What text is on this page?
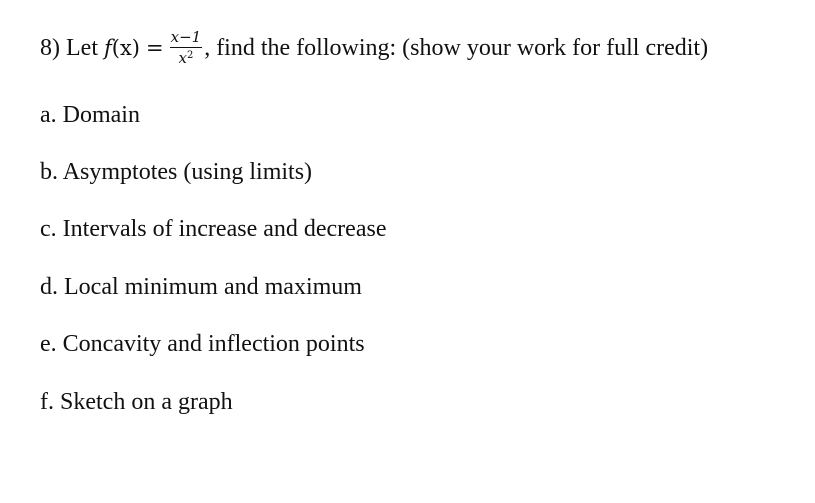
8) Let $f(x) = \frac{x-1}{x^2}$ , find the following: (show your work for full credit)
a. Domain
b. Asymptotes (using limits)
c. Intervals of increase and decrease
d. Local minimum and maximum
e. Concavity and inflection points
f. Sketch on a graph
